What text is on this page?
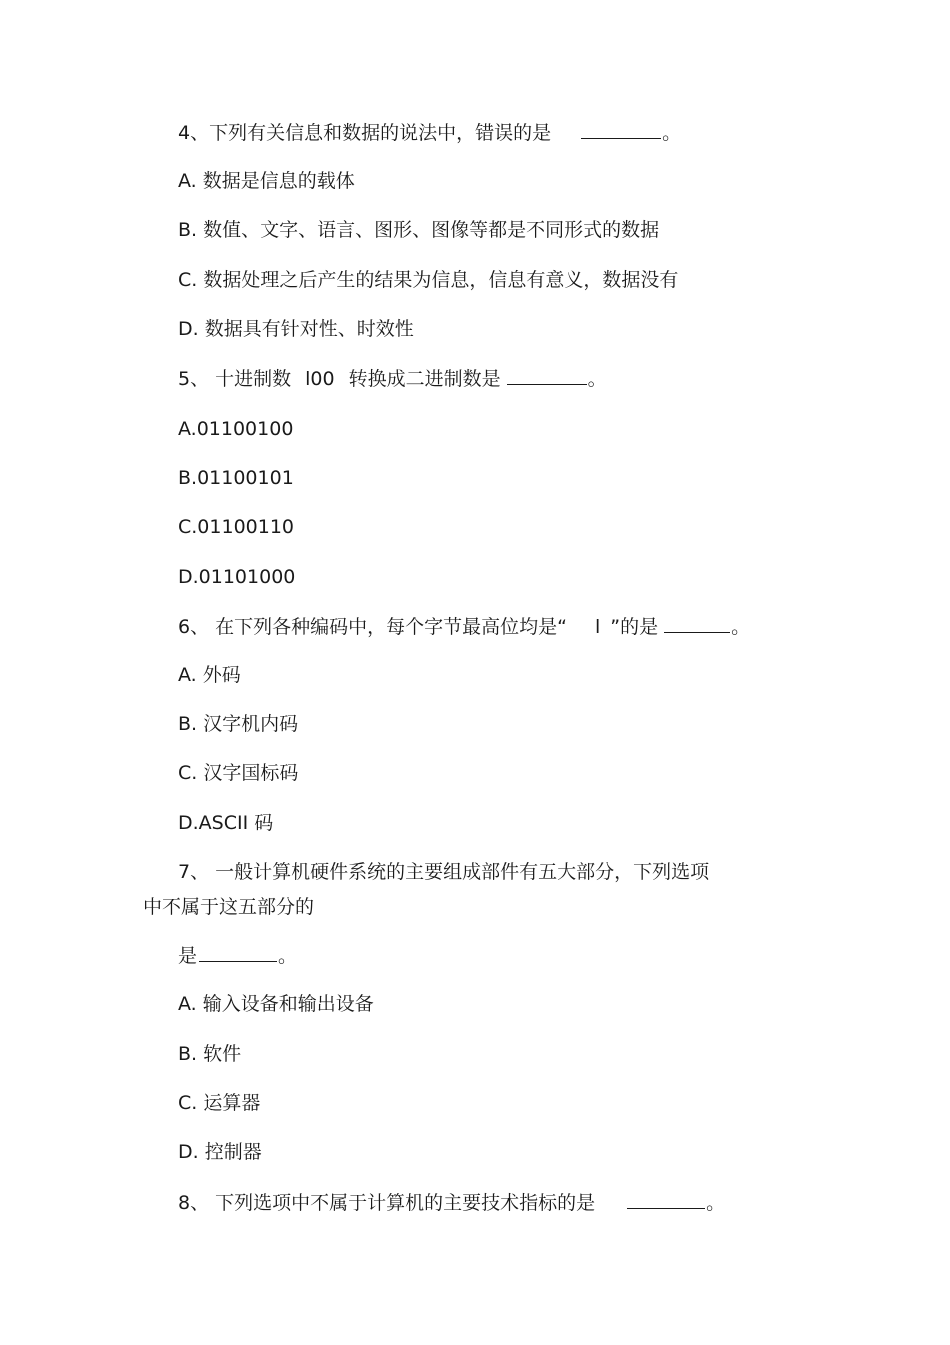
4、下列有关信息和数据的说法中，错误的是	。
A. 数据是信息的载体
B. 数值、文字、语言、图形、图像等都是不同形式的数据
C. 数据处理之后产生的结果为信息，信息有意义，数据没有
D. 数据具有针对性、时效性
5、 十进制数 l00 转换成二进制数是	。
A.01100100
B.01100101
C.01100110
D.01101000
6、 在下列各种编码中，每个字节最高位均是“ l ”的是	。
A. 外码
B. 汉字机内码
C. 汉字国标码
D.ASCII 码
7、 一般计算机硬件系统的主要组成部件有五大部分，下列选项
中不属于这五部分的
是	。
A. 输入设备和输出设备
B. 软件
C. 运算器
D. 控制器
8、 下列选项中不属于计算机的主要技术指标的是	。
